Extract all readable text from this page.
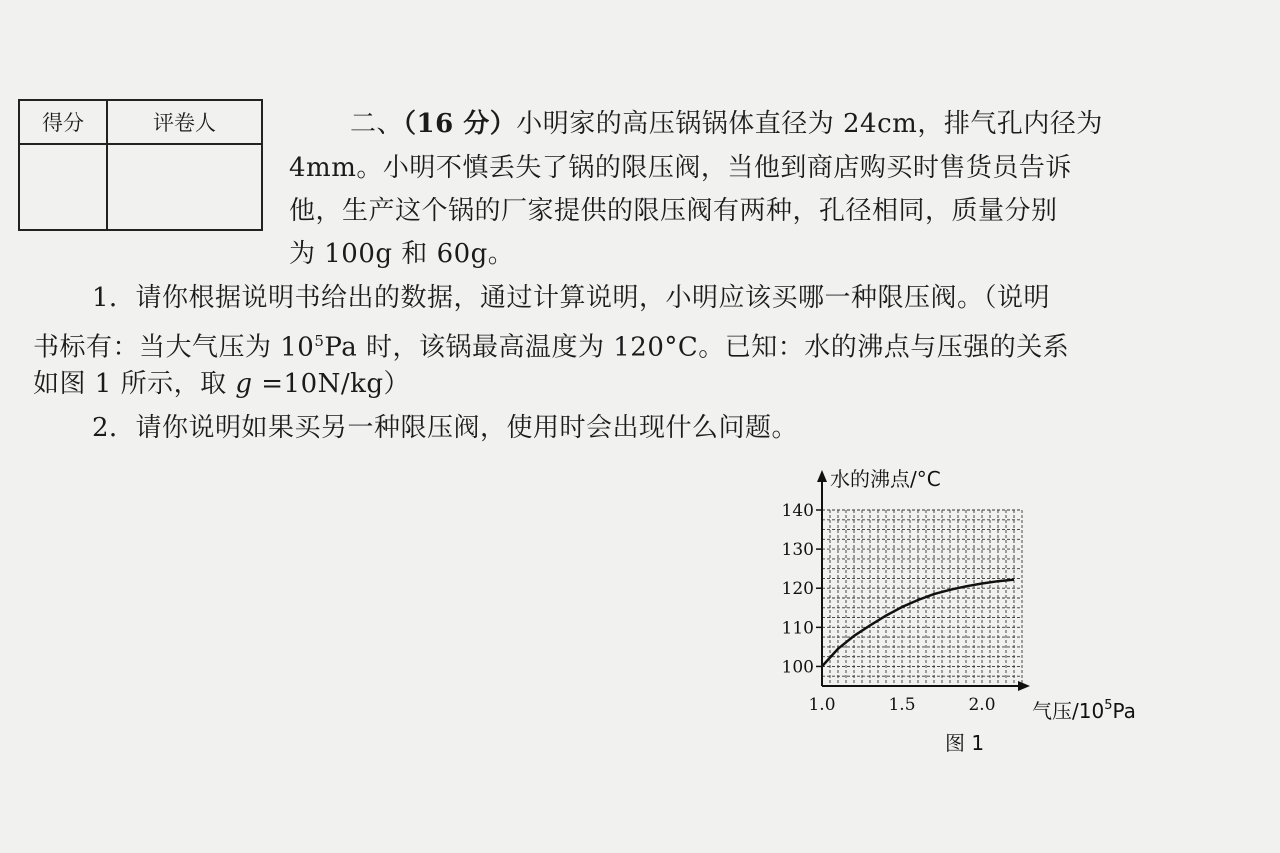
得分	评卷人	二、（16 分）小明家的高压锅锅体直径为 24cm，排气孔内径为
4mm。小明不慎丢失了锅的限压阀，当他到商店购买时售货员告诉
他，生产这个锅的厂家提供的限压阀有两种，孔径相同，质量分别
为 100g 和 60g。
1．请你根据说明书给出的数据，通过计算说明，小明应该买哪一种限压阀。（说明
书标有：当大气压为 $10^5Pa$ 时，该锅最高温度为 120°C。已知：水的沸点与压强的关系
如图 1 所示，取 g =10N/kg）
2．请你说明如果买另一种限压阀，使用时会出现什么问题。
100
110
120
130
140
1.0	1.5	2.0
水的沸点/°C
气压$/10^5Pa$
图 1
